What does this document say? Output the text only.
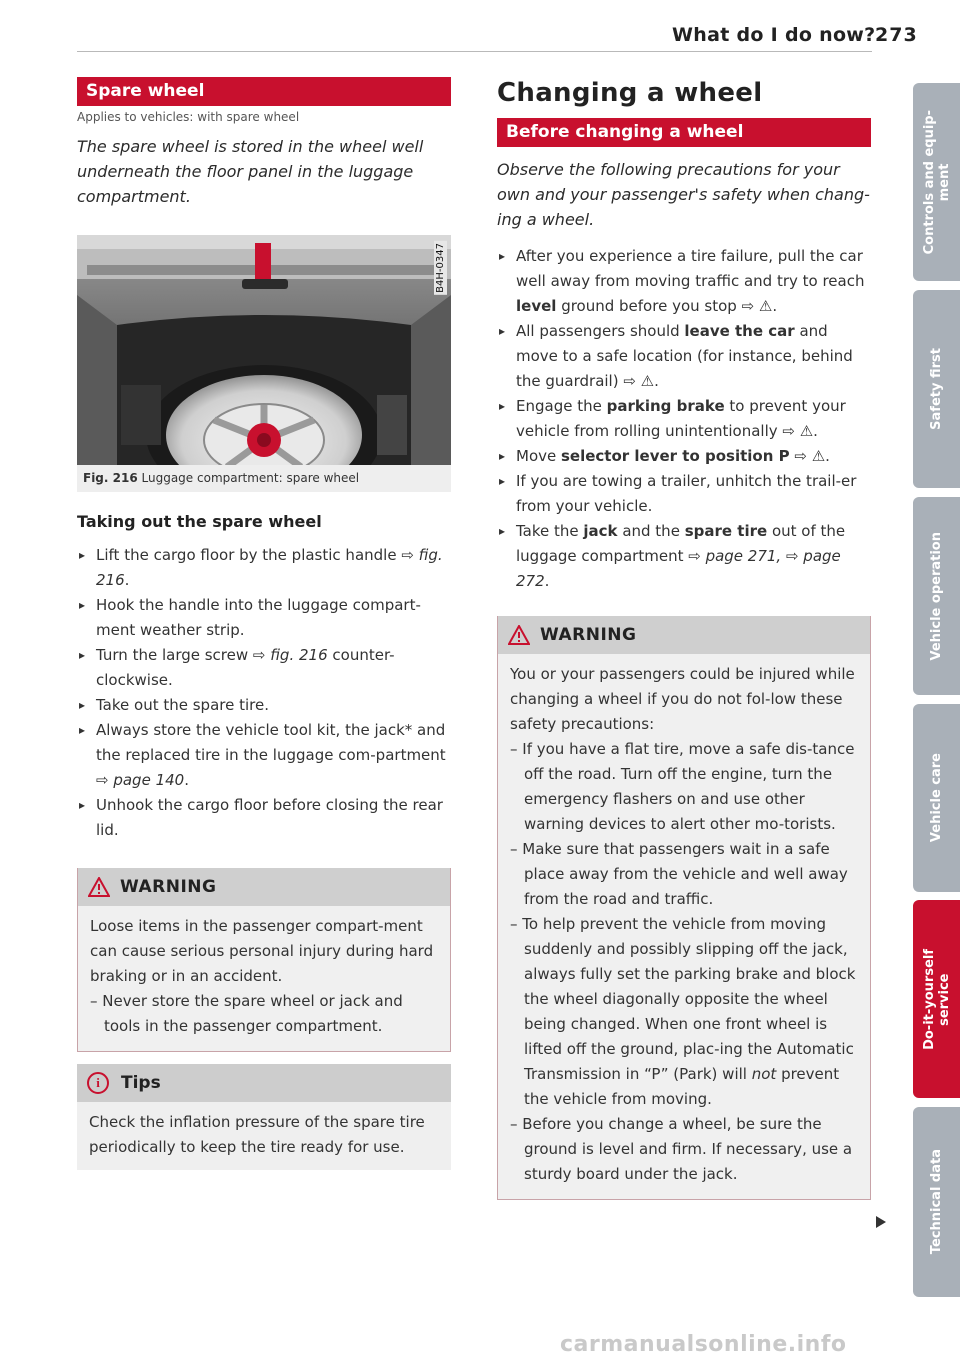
What do I do now? 273
Spare wheel
Applies to vehicles: with spare wheel

The spare wheel is stored in the wheel well underneath the floor panel in the luggage compartment.

B4H-0347
Fig. 216 Luggage compartment: spare wheel
Taking out the spare wheel
▸ Lift the cargo floor by the plastic handle ⇨ fig. 216.
▸ Hook the handle into the luggage compart-ment weather strip.
▸ Turn the large screw ⇨ fig. 216 counter-clockwise.
▸ Take out the spare tire.
▸ Always store the vehicle tool kit, the jack* and the replaced tire in the luggage com-partment ⇨ page 140.
▸ Unhook the cargo floor before closing the rear lid.
WARNING
Loose items in the passenger compart-ment can cause serious personal injury during hard braking or in an accident.
– Never store the spare wheel or jack and tools in the passenger compartment.
i	Tips
Check the inflation pressure of the spare tire periodically to keep the tire ready for use.
Changing a wheel
Before changing a wheel

Observe the following precautions for your own and your passenger's safety when chang-ing a wheel.

▸ After you experience a tire failure, pull the car well away from moving traffic and try to reach level ground before you stop ⇨ ⚠.
▸ All passengers should leave the car and move to a safe location (for instance, behind the guardrail) ⇨ ⚠.
▸ Engage the parking brake to prevent your vehicle from rolling unintentionally ⇨ ⚠.
▸ Move selector lever to position P ⇨ ⚠.
▸ If you are towing a trailer, unhitch the trail-er from your vehicle.
▸ Take the jack and the spare tire out of the luggage compartment ⇨ page 271, ⇨ page 272.
WARNING
You or your passengers could be injured while changing a wheel if you do not fol-low these safety precautions:
– If you have a flat tire, move a safe dis-tance off the road. Turn off the engine, turn the emergency flashers on and use other warning devices to alert other mo-torists.
– Make sure that passengers wait in a safe place away from the vehicle and well away from the road and traffic.
– To help prevent the vehicle from moving suddenly and possibly slipping off the jack, always fully set the parking brake and block the wheel diagonally opposite the wheel being changed. When one front wheel is lifted off the ground, plac-ing the Automatic Transmission in “P” (Park) will not prevent the vehicle from moving.
– Before you change a wheel, be sure the ground is level and firm. If necessary, use a sturdy board under the jack.
Controls and equip-
ment
Safety first
Vehicle operation
Vehicle care
Do-it-yourself
service
Technical data
carmanualsonline.info
